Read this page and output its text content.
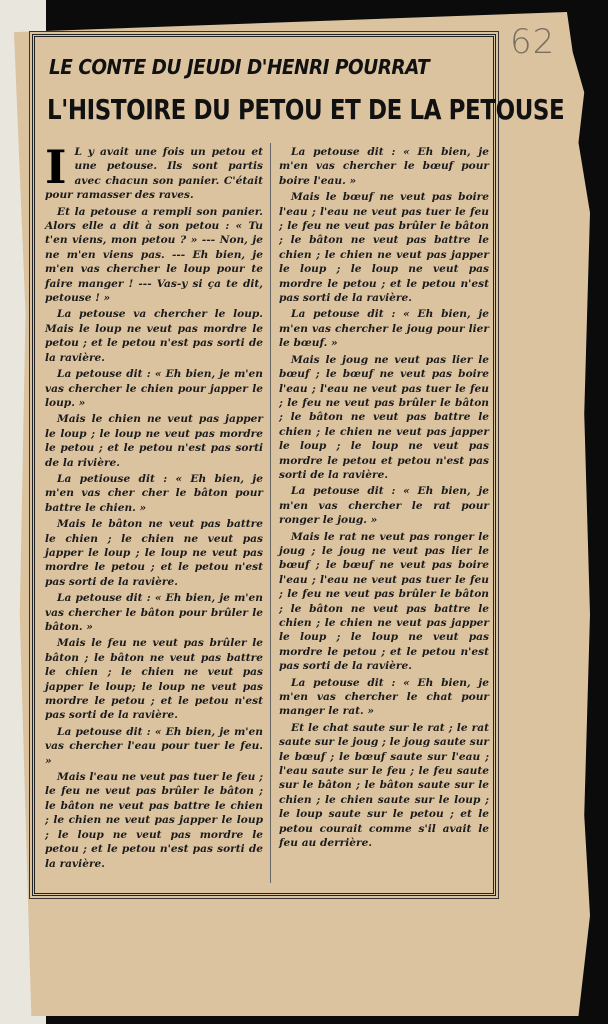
62
LE CONTE DU JEUDI D'HENRI POURRAT
L'HISTOIRE DU PETOU ET DE LA PETOUSE

I L y avait une fois un petou et une petouse. Ils sont partis avec chacun son panier. C'était pour ramasser des raves.

Et la petouse a rempli son panier. Alors elle a dit à son petou : « Tu t'en viens, mon petou ? » --- Non, je ne m'en viens pas. --- Eh bien, je m'en vas chercher le loup pour te faire manger ! --- Vas-y si ça te dit, petouse ! »

La petouse va chercher le loup. Mais le loup ne veut pas mordre le petou ; et le petou n'est pas sorti de la ravière.

La petouse dit : « Eh bien, je m'en vas chercher le chien pour japper le loup. »

Mais le chien ne veut pas japper le loup ; le loup ne veut pas mordre le petou ; et le petou n'est pas sorti de la rivière.

La petiouse dit : « Eh bien, je m'en vas cher cher le bâton pour battre le chien. »

Mais le bâton ne veut pas battre le chien ; le chien ne veut pas japper le loup ; le loup ne veut pas mordre le petou ; et le petou n'est pas sorti de la ravière.

La petouse dit : « Eh bien, je m'en vas chercher le bâton pour brûler le bâton. »

Mais le feu ne veut pas brûler le bâton ; le bâton ne veut pas battre le chien ; le chien ne veut pas japper le loup; le loup ne veut pas mordre le petou ; et le petou n'est pas sorti de la ravière.

La petouse dit : « Eh bien, je m'en vas chercher l'eau pour tuer le feu. »

Mais l'eau ne veut pas tuer le feu ; le feu ne veut pas brûler le bâton ; le bâton ne veut pas battre le chien ; le chien ne veut pas japper le loup ; le loup ne veut pas mordre le petou ; et le petou n'est pas sorti de la ravière.

La petouse dit : « Eh bien, je m'en vas chercher le bœuf pour boire l'eau. »

Mais le bœuf ne veut pas boire l'eau ; l'eau ne veut pas tuer le feu ; le feu ne veut pas brûler le bâton ; le bâton ne veut pas battre le chien ; le chien ne veut pas japper le loup ; le loup ne veut pas mordre le petou ; et le petou n'est pas sorti de la ravière.

La petouse dit : « Eh bien, je m'en vas chercher le joug pour lier le bœuf. »

Mais le joug ne veut pas lier le bœuf ; le bœuf ne veut pas boire l'eau ; l'eau ne veut pas tuer le feu ; le feu ne veut pas brûler le bâton ; le bâton ne veut pas battre le chien ; le chien ne veut pas japper le loup ; le loup ne veut pas mordre le petou et petou n'est pas sorti de la ravière.

La petouse dit : « Eh bien, je m'en vas chercher le rat pour ronger le joug. »

Mais le rat ne veut pas ronger le joug ; le joug ne veut pas lier le bœuf ; le bœuf ne veut pas boire l'eau ; l'eau ne veut pas tuer le feu ; le feu ne veut pas brûler le bâton ; le bâton ne veut pas battre le chien ; le chien ne veut pas japper le loup ; le loup ne veut pas mordre le petou ; et le petou n'est pas sorti de la ravière.

La petouse dit : « Eh bien, je m'en vas chercher le chat pour manger le rat. »

Et le chat saute sur le rat ; le rat saute sur le joug ; le joug saute sur le bœuf ; le bœuf saute sur l'eau ; l'eau saute sur le feu ; le feu saute sur le bâton ; le bâton saute sur le chien ; le chien saute sur le loup ; le loup saute sur le petou ; et le petou courait comme s'il avait le feu au derrière.
